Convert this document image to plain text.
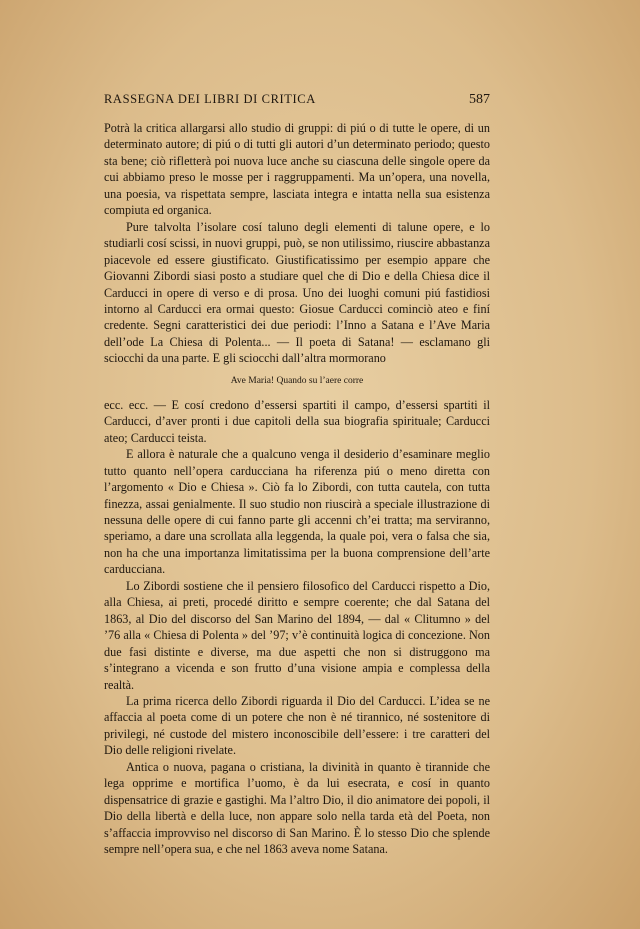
RASSEGNA DEI LIBRI DI CRITICA	587

Potrà la critica allargarsi allo studio di gruppi: di piú o di tutte le opere, di un determinato autore; di piú o di tutti gli autori d’un determinato periodo; questo sta bene; ciò rifletterà poi nuova luce anche su ciascuna delle singole opere da cui abbiamo preso le mosse per i raggruppamenti. Ma un’opera, una novella, una poesia, va rispettata sempre, lasciata integra e intatta nella sua esistenza compiuta ed organica.

Pure talvolta l’isolare cosí taluno degli elementi di talune opere, e lo studiarli cosí scissi, in nuovi gruppi, può, se non utilissimo, riuscire abbastanza piacevole ed essere giustificato. Giustificatissimo per esempio appare che Giovanni Zibordi siasi posto a studiare quel che di Dio e della Chiesa dice il Carducci in opere di verso e di prosa. Uno dei luoghi comuni piú fastidiosi intorno al Carducci era ormai questo: Giosue Carducci cominciò ateo e finí credente. Segni caratteristici dei due periodi: l’Inno a Satana e l’Ave Maria dell’ode La Chiesa di Polenta... — Il poeta di Satana! — esclamano gli sciocchi da una parte. E gli sciocchi dall’altra mormorano

Ave Maria! Quando su l’aere corre

ecc. ecc. — E cosí credono d’essersi spartiti il campo, d’essersi spartiti il Carducci, d’aver pronti i due capitoli della sua biografia spirituale; Carducci ateo; Carducci teista.

E allora è naturale che a qualcuno venga il desiderio d’esaminare meglio tutto quanto nell’opera carducciana ha riferenza piú o meno diretta con l’argomento « Dio e Chiesa ». Ciò fa lo Zibordi, con tutta cautela, con tutta finezza, assai genialmente. Il suo studio non riuscirà a speciale illustrazione di nessuna delle opere di cui fanno parte gli accenni ch’ei tratta; ma serviranno, speriamo, a dare una scrollata alla leggenda, la quale poi, vera o falsa che sia, non ha che una importanza limitatissima per la buona comprensione dell’arte carducciana.

Lo Zibordi sostiene che il pensiero filosofico del Carducci rispetto a Dio, alla Chiesa, ai preti, procedé diritto e sempre coerente; che dal Satana del 1863, al Dio del discorso del San Marino del 1894, — dal « Clitumno » del ’76 alla « Chiesa di Polenta » del ’97; v’è continuità logica di concezione. Non due fasi distinte e diverse, ma due aspetti che non si distruggono ma s’integrano a vicenda e son frutto d’una visione ampia e complessa della realtà.

La prima ricerca dello Zibordi riguarda il Dio del Carducci. L’idea se ne affaccia al poeta come di un potere che non è né tirannico, né sostenitore di privilegi, né custode del mistero inconoscibile dell’essere: i tre caratteri del Dio delle religioni rivelate.

Antica o nuova, pagana o cristiana, la divinità in quanto è tirannide che lega opprime e mortifica l’uomo, è da lui esecrata, e cosí in quanto dispensatrice di grazie e gastighi. Ma l’altro Dio, il dio animatore dei popoli, il Dio della libertà e della luce, non appare solo nella tarda età del Poeta, non s’affaccia improvviso nel discorso di San Marino. È lo stesso Dio che splende sempre nell’opera sua, e che nel 1863 aveva nome Satana.
